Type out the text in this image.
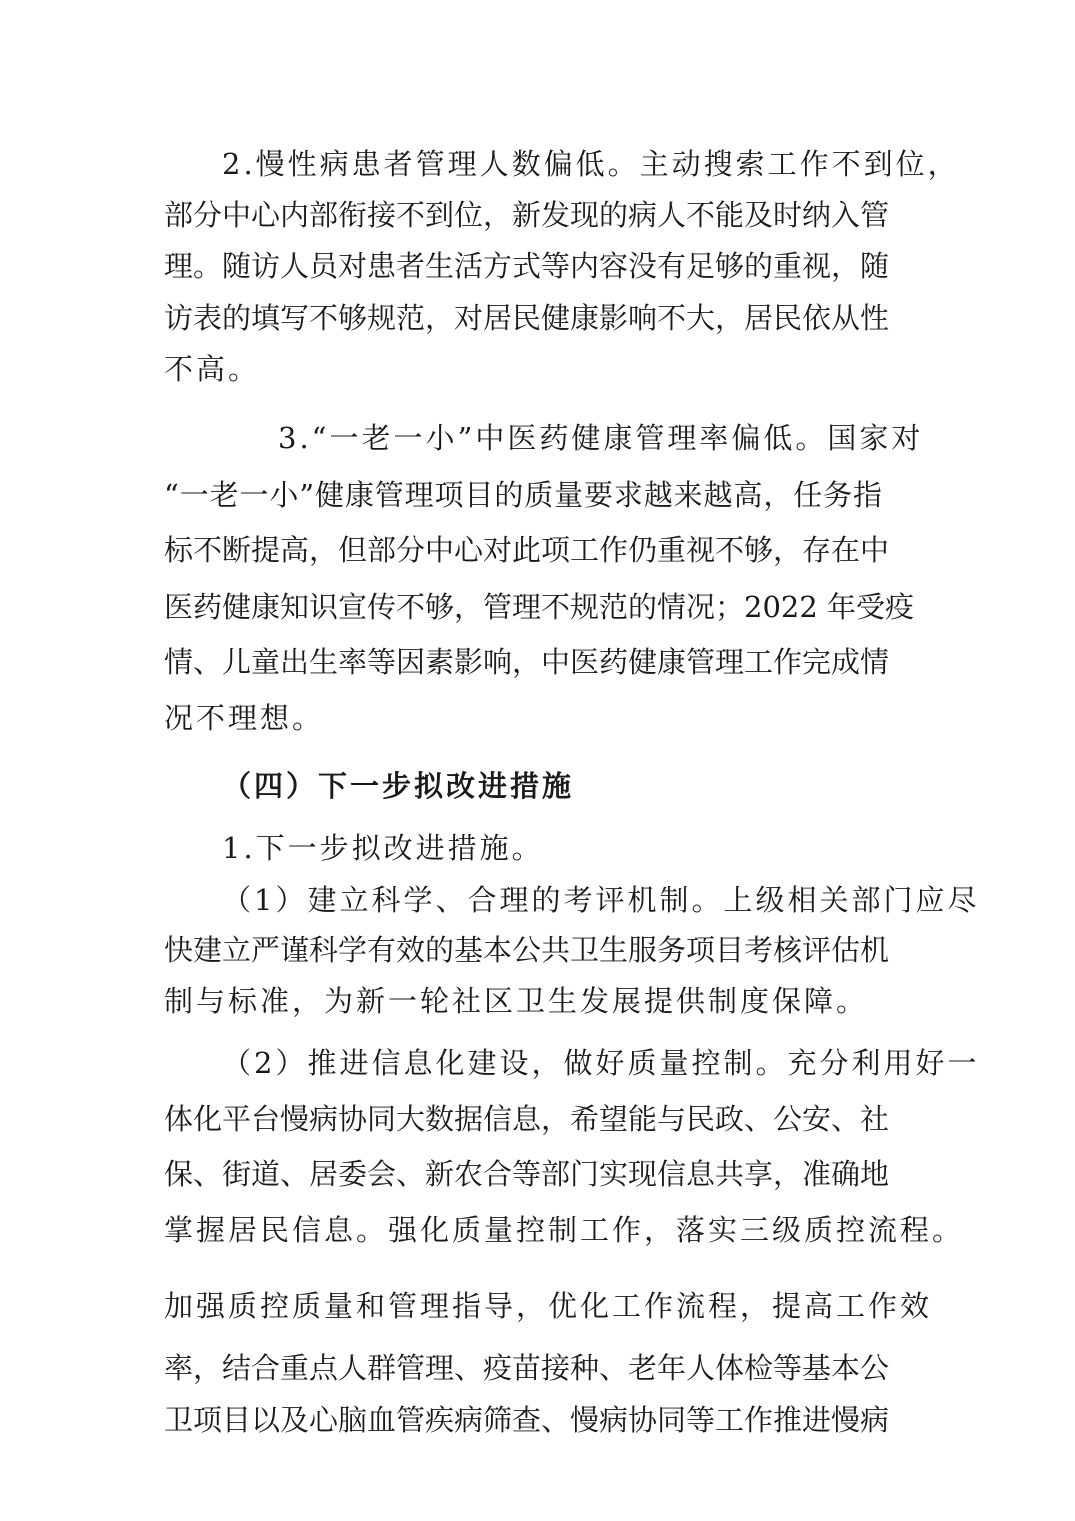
2.慢性病患者管理人数偏低。主动搜索工作不到位，
部分中心内部衔接不到位，新发现的病人不能及时纳入管
理。随访人员对患者生活方式等内容没有足够的重视，随
访表的填写不够规范，对居民健康影响不大，居民依从性
不高。
3.“一老一小”中医药健康管理率偏低。国家对
“一老一小”健康管理项目的质量要求越来越高，任务指
标不断提高，但部分中心对此项工作仍重视不够，存在中
医药健康知识宣传不够，管理不规范的情况；2022 年受疫
情、儿童出生率等因素影响，中医药健康管理工作完成情
况不理想。
（四）下一步拟改进措施
1.下一步拟改进措施。
（1）建立科学、合理的考评机制。上级相关部门应尽
快建立严谨科学有效的基本公共卫生服务项目考核评估机
制与标准，为新一轮社区卫生发展提供制度保障。
（2）推进信息化建设，做好质量控制。充分利用好一
体化平台慢病协同大数据信息，希望能与民政、公安、社
保、街道、居委会、新农合等部门实现信息共享，准确地
掌握居民信息。强化质量控制工作，落实三级质控流程。
加强质控质量和管理指导，优化工作流程，提高工作效
率，结合重点人群管理、疫苗接种、老年人体检等基本公
卫项目以及心脑血管疾病筛查、慢病协同等工作推进慢病
